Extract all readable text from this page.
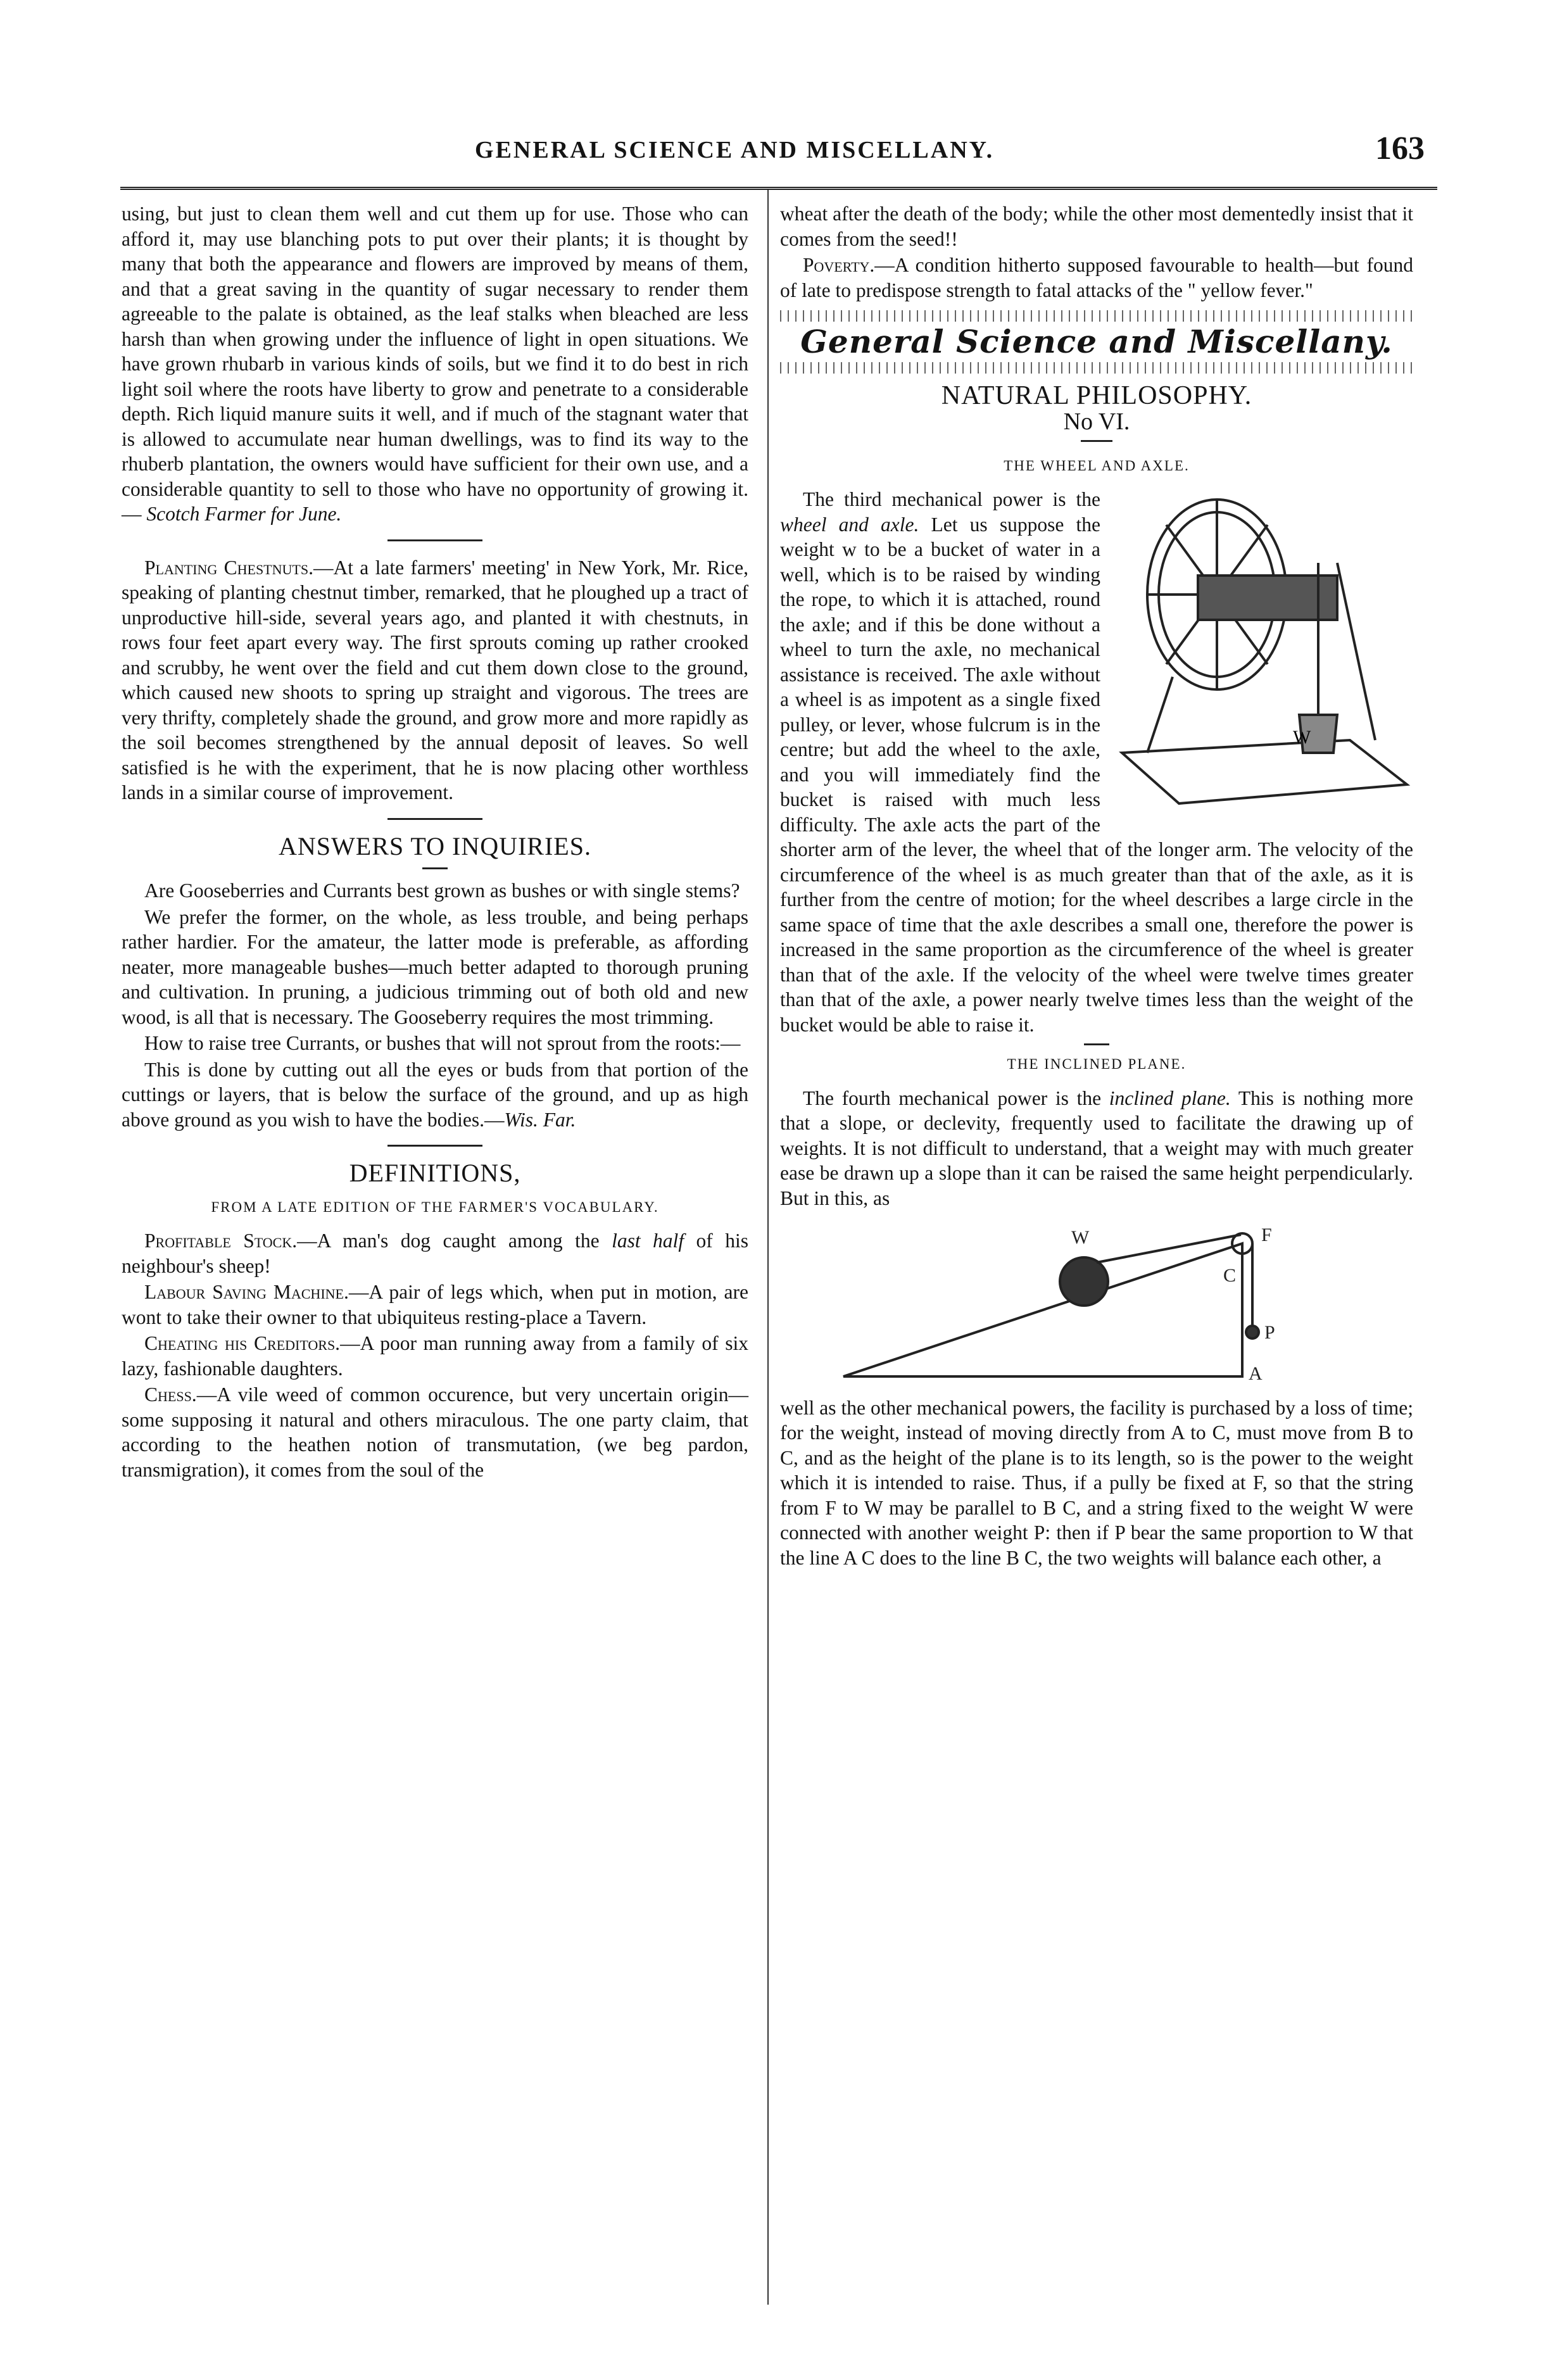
GENERAL SCIENCE AND MISCELLANY.	163

using, but just to clean them well and cut them up for use. Those who can afford it, may use blanching pots to put over their plants; it is thought by many that both the appearance and flowers are improved by means of them, and that a great saving in the quantity of sugar necessary to render them agreeable to the palate is obtained, as the leaf stalks when bleached are less harsh than when growing under the influence of light in open situations. We have grown rhubarb in various kinds of soils, but we find it to do best in rich light soil where the roots have liberty to grow and penetrate to a considerable depth. Rich liquid manure suits it well, and if much of the stagnant water that is allowed to accumulate near human dwellings, was to find its way to the rhuberb plantation, the owners would have sufficient for their own use, and a considerable quantity to sell to those who have no opportunity of growing it.— Scotch Farmer for June.

Planting Chestnuts.—At a late farmers' meeting' in New York, Mr. Rice, speaking of planting chestnut timber, remarked, that he ploughed up a tract of unproductive hill-side, several years ago, and planted it with chestnuts, in rows four feet apart every way. The first sprouts coming up rather crooked and scrubby, he went over the field and cut them down close to the ground, which caused new shoots to spring up straight and vigorous. The trees are very thrifty, completely shade the ground, and grow more and more rapidly as the soil becomes strengthened by the annual deposit of leaves. So well satisfied is he with the experiment, that he is now placing other worthless lands in a similar course of improvement.

ANSWERS TO INQUIRIES.

Are Gooseberries and Currants best grown as bushes or with single stems?

We prefer the former, on the whole, as less trouble, and being perhaps rather hardier. For the amateur, the latter mode is preferable, as affording neater, more manageable bushes—much better adapted to thorough pruning and cultivation. In pruning, a judicious trimming out of both old and new wood, is all that is necessary. The Gooseberry requires the most trimming.

How to raise tree Currants, or bushes that will not sprout from the roots:—

This is done by cutting out all the eyes or buds from that portion of the cuttings or layers, that is below the surface of the ground, and up as high above ground as you wish to have the bodies.—Wis. Far.

DEFINITIONS,
FROM A LATE EDITION OF THE FARMER'S VOCABULARY.

Profitable Stock.—A man's dog caught among the last half of his neighbour's sheep!

Labour Saving Machine.—A pair of legs which, when put in motion, are wont to take their owner to that ubiquiteus resting-place a Tavern.

Cheating his Creditors.—A poor man running away from a family of six lazy, fashionable daughters.

Chess.—A vile weed of common occurence, but very uncertain origin—some supposing it natural and others miraculous. The one party claim, that according to the heathen notion of transmutation, (we beg pardon, transmigration), it comes from the soul of the

wheat after the death of the body; while the other most dementedly insist that it comes from the seed!!

Poverty.—A condition hitherto supposed favourable to health—but found of late to predispose strength to fatal attacks of the " yellow fever."

General Science and Miscellany.
NATURAL PHILOSOPHY.
No VI.
THE WHEEL AND AXLE.

W
The third mechanical power is the wheel and axle. Let us suppose the weight w to be a bucket of water in a well, which is to be raised by winding the rope, to which it is attached, round the axle; and if this be done without a wheel to turn the axle, no mechanical assistance is received. The axle without a wheel is as impotent as a single fixed pulley, or lever, whose fulcrum is in the centre; but add the wheel to the axle, and you will immediately find the bucket is raised with much less difficulty. The axle acts the part of the shorter arm of the lever, the wheel that of the longer arm. The velocity of the circumference of the wheel is as much greater than that of the axle, as it is further from the centre of motion; for the wheel describes a large circle in the same space of time that the axle describes a small one, therefore the power is increased in the same proportion as the circumference of the wheel is greater than that of the axle. If the velocity of the wheel were twelve times greater than that of the axle, a power nearly twelve times less than the weight of the bucket would be able to raise it.

THE INCLINED PLANE.

The fourth mechanical power is the inclined plane. This is nothing more that a slope, or declevity, frequently used to facilitate the drawing up of weights. It is not difficult to understand, that a weight may with much greater ease be drawn up a slope than it can be raised the same height perpendicularly. But in this, as

W	F
C
P
A

well as the other mechanical powers, the facility is purchased by a loss of time; for the weight, instead of moving directly from A to C, must move from B to C, and as the height of the plane is to its length, so is the power to the weight which it is intended to raise. Thus, if a pully be fixed at F, so that the string from F to W may be parallel to B C, and a string fixed to the weight W were connected with another weight P: then if P bear the same proportion to W that the line A C does to the line B C, the two weights will balance each other, a
